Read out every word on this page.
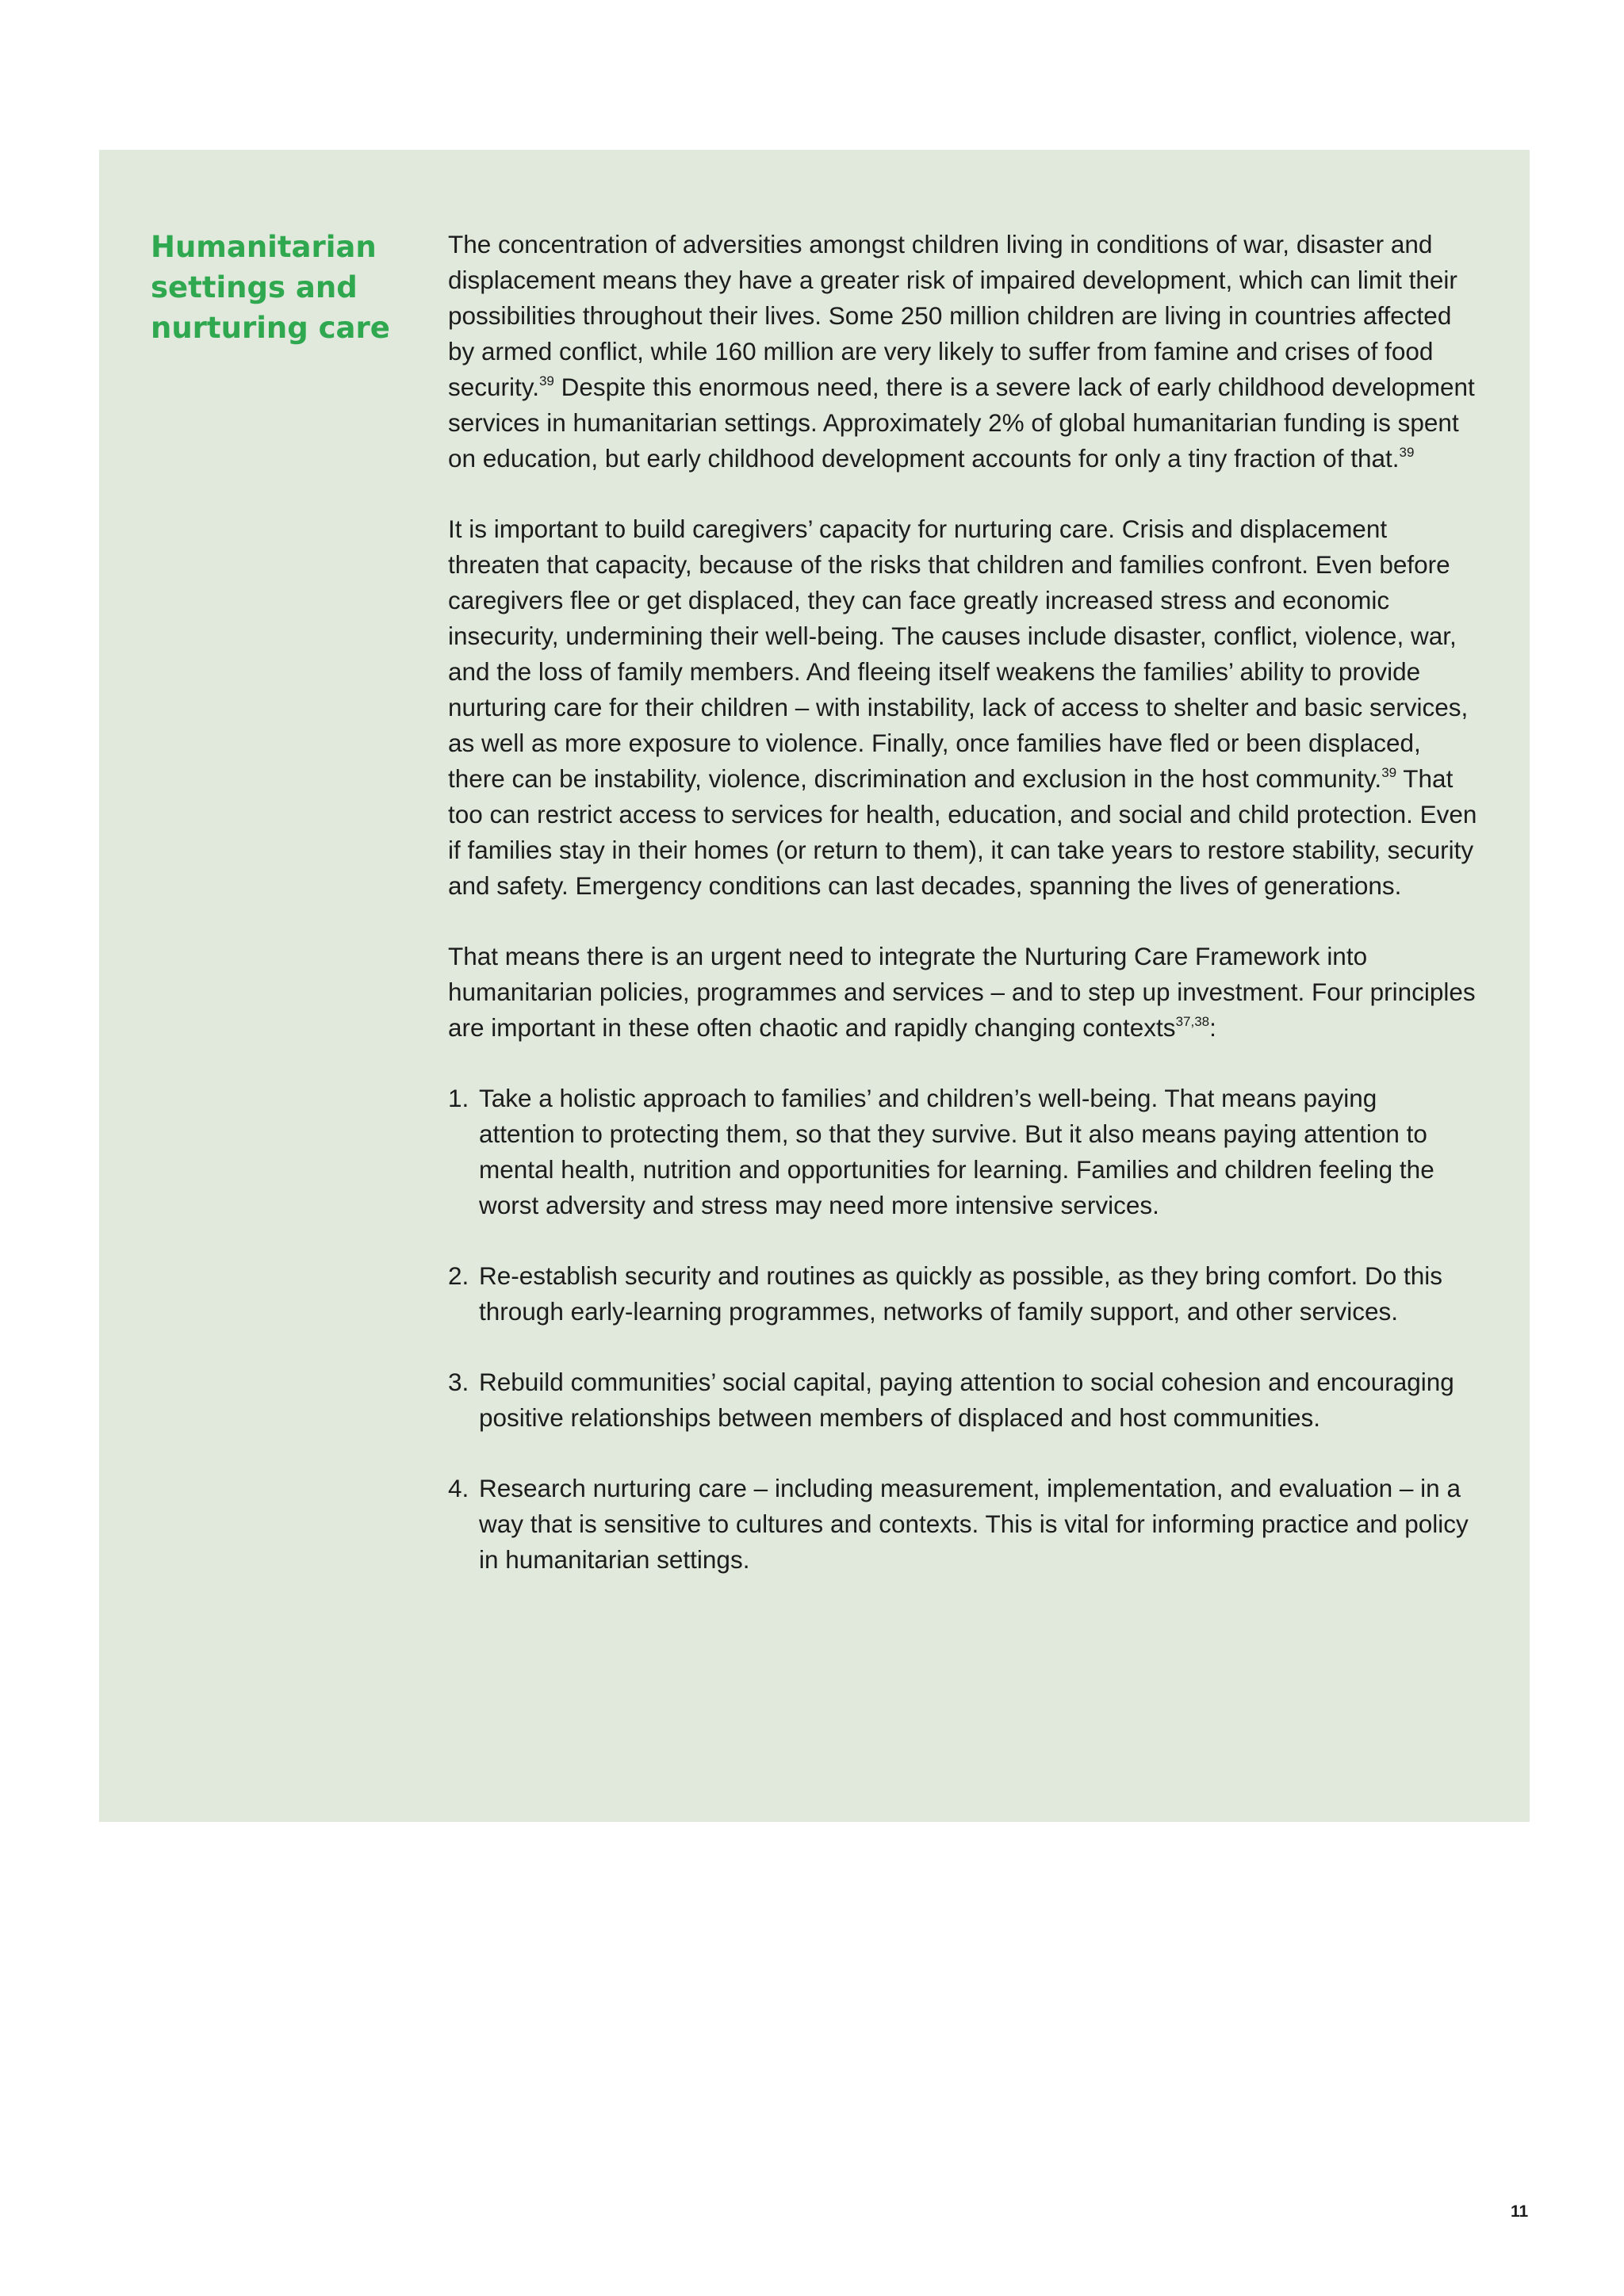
Humanitarian
settings and
nurturing care

The concentration of adversities amongst children living in conditions of war, disaster and displacement means they have a greater risk of impaired development, which can limit their possibilities throughout their lives. Some 250 million children are living in countries affected by armed conflict, while 160 million are very likely to suffer from famine and crises of food security.$^{39}$ Despite this enormous need, there is a severe lack of early childhood development services in humanitarian settings. Approximately 2% of global humanitarian funding is spent on education, but early childhood development accounts for only a tiny fraction of that.$^{39}$

It is important to build caregivers’ capacity for nurturing care. Crisis and displacement threaten that capacity, because of the risks that children and families confront. Even before caregivers flee or get displaced, they can face greatly increased stress and economic insecurity, undermining their well-being. The causes include disaster, conflict, violence, war, and the loss of family members. And fleeing itself weakens the families’ ability to provide nurturing care for their children – with instability, lack of access to shelter and basic services, as well as more exposure to violence. Finally, once families have fled or been displaced, there can be instability, violence, discrimination and exclusion in the host community.$^{39}$ That too can restrict access to services for health, education, and social and child protection. Even if families stay in their homes (or return to them), it can take years to restore stability, security and safety. Emergency conditions can last decades, spanning the lives of generations.

That means there is an urgent need to integrate the Nurturing Care Framework into humanitarian policies, programmes and services – and to step up investment. Four principles are important in these often chaotic and rapidly changing contexts$^{37,38}$:

1. Take a holistic approach to families’ and children’s well-being. That means paying attention to protecting them, so that they survive. But it also means paying attention to mental health, nutrition and opportunities for learning. Families and children feeling the worst adversity and stress may need more intensive services.
2. Re-establish security and routines as quickly as possible, as they bring comfort. Do this through early-learning programmes, networks of family support, and other services.
3. Rebuild communities’ social capital, paying attention to social cohesion and encouraging positive relationships between members of displaced and host communities.
4. Research nurturing care – including measurement, implementation, and evaluation – in a way that is sensitive to cultures and contexts. This is vital for informing practice and policy in humanitarian settings.
11
